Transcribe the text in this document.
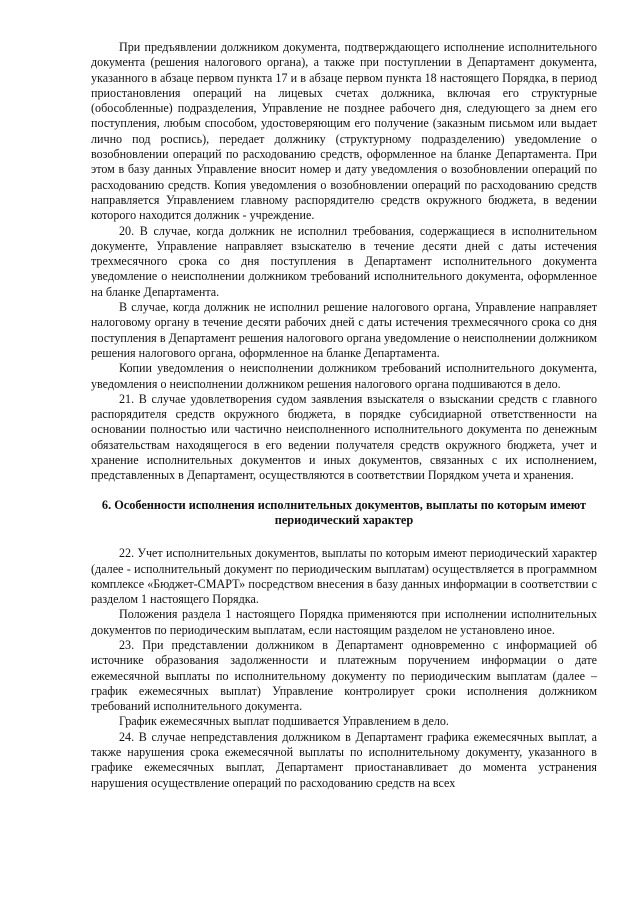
При предъявлении должником документа, подтверждающего исполнение исполнительного документа (решения налогового органа), а также при поступлении в Департамент документа, указанного в абзаце первом пункта 17 и в абзаце первом пункта 18 настоящего Порядка, в период приостановления операций на лицевых счетах должника, включая его структурные (обособленные) подразделения, Управление не позднее рабочего дня, следующего за днем его поступления, любым способом, удостоверяющим его получение (заказным письмом или выдает лично под роспись), передает должнику (структурному подразделению) уведомление о возобновлении операций по расходованию средств, оформленное на бланке Департамента. При этом в базу данных Управление вносит номер и дату уведомления о возобновлении операций по расходованию средств. Копия уведомления о возобновлении операций по расходованию средств направляется Управлением главному распорядителю средств окружного бюджета, в ведении которого находится должник - учреждение.

20. В случае, когда должник не исполнил требования, содержащиеся в исполнительном документе, Управление направляет взыскателю в течение десяти дней с даты истечения трехмесячного срока со дня поступления в Департамент исполнительного документа уведомление о неисполнении должником требований исполнительного документа, оформленное на бланке Департамента.

В случае, когда должник не исполнил решение налогового органа, Управление направляет налоговому органу в течение десяти рабочих дней с даты истечения трехмесячного срока со дня поступления в Департамент решения налогового органа уведомление о неисполнении должником решения налогового органа, оформленное на бланке Департамента.

Копии уведомления о неисполнении должником требований исполнительного документа, уведомления о неисполнении должником решения налогового органа подшиваются в дело.

21. В случае удовлетворения судом заявления взыскателя о взыскании средств с главного распорядителя средств окружного бюджета, в порядке субсидиарной ответственности на основании полностью или частично неисполненного исполнительного документа по денежным обязательствам находящегося в его ведении получателя средств окружного бюджета, учет и хранение исполнительных документов и иных документов, связанных с их исполнением, представленных в Департамент, осуществляются в соответствии Порядком учета и хранения.

6. Особенности исполнения исполнительных документов, выплаты по которым имеют периодический характер

22. Учет исполнительных документов, выплаты по которым имеют периодический характер (далее - исполнительный документ по периодическим выплатам) осуществляется в программном комплексе «Бюджет-СМАРТ» посредством внесения в базу данных информации в соответствии с разделом 1 настоящего Порядка.

Положения раздела 1 настоящего Порядка применяются при исполнении исполнительных документов по периодическим выплатам, если настоящим разделом не установлено иное.

23. При представлении должником в Департамент одновременно с информацией об источнике образования задолженности и платежным поручением информации о дате ежемесячной выплаты по исполнительному документу по периодическим выплатам (далее – график ежемесячных выплат) Управление контролирует сроки исполнения должником требований исполнительного документа.

График ежемесячных выплат подшивается Управлением в дело.

24. В случае непредставления должником в Департамент графика ежемесячных выплат, а также нарушения срока ежемесячной выплаты по исполнительному документу, указанного в графике ежемесячных выплат, Департамент приостанавливает до момента устранения нарушения осуществление операций по расходованию средств на всех
